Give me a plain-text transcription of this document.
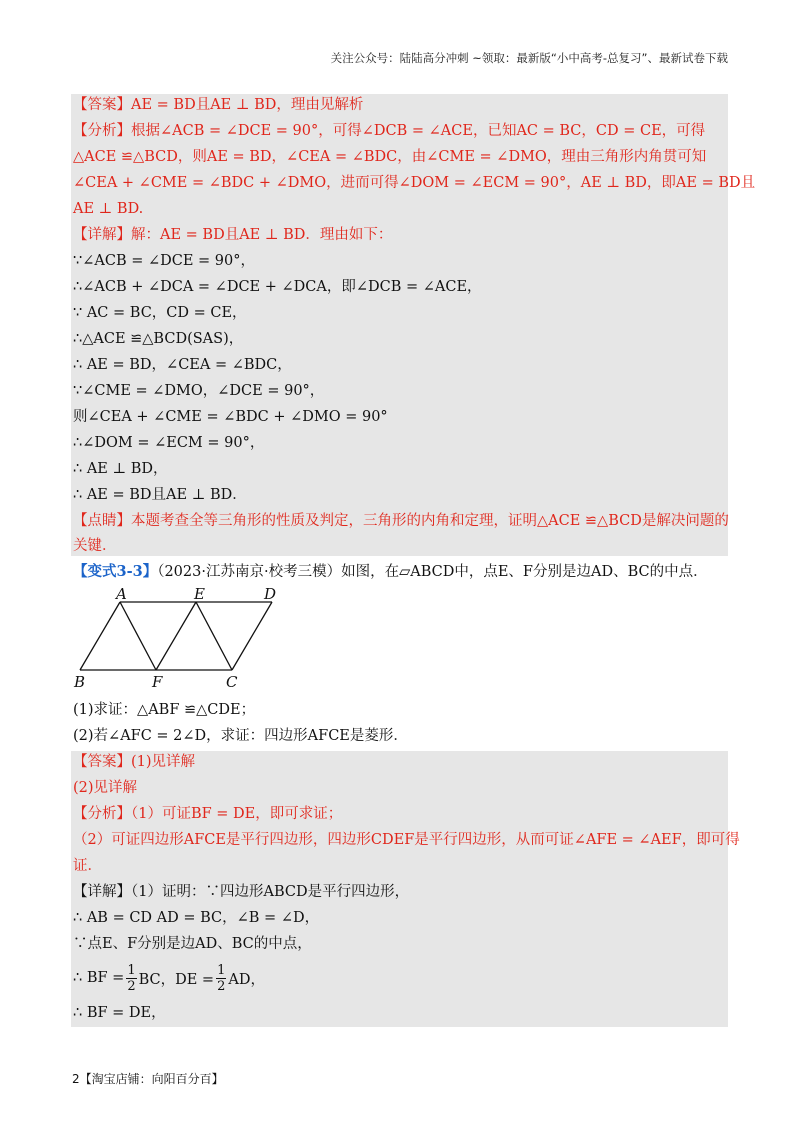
关注公众号：陆陆高分冲刺 ~领取：最新版“小中高考-总复习”、最新试卷下载
【答案】AE = BD且AE ⊥ BD，理由见解析
【分析】根据∠ACB = ∠DCE = 90°，可得∠DCB = ∠ACE，已知AC = BC，CD = CE，可得
△ACE ≌△BCD，则AE = BD，∠CEA = ∠BDC，由∠CME = ∠DMO，理由三角形内角贯可知
∠CEA + ∠CME = ∠BDC + ∠DMO，进而可得∠DOM = ∠ECM = 90°，AE ⊥ BD，即AE = BD且
AE ⊥ BD.
【详解】解：AE = BD且AE ⊥ BD．理由如下：
∵∠ACB = ∠DCE = 90°，
∴∠ACB + ∠DCA = ∠DCE + ∠DCA，即∠DCB = ∠ACE，
∵ AC = BC，CD = CE，
∴△ACE ≌△BCD(SAS)，
∴ AE = BD，∠CEA = ∠BDC，
∵∠CME = ∠DMO，∠DCE = 90°，
则∠CEA + ∠CME = ∠BDC + ∠DMO = 90°
∴∠DOM = ∠ECM = 90°，
∴ AE ⊥ BD，
∴ AE = BD且AE ⊥ BD．
【点睛】本题考查全等三角形的性质及判定，三角形的内角和定理，证明△ACE ≌△BCD是解决问题的
关键．
【变式3-3】（2023·江苏南京·校考三模）如图，在▱ABCD中，点E、F分别是边AD、BC的中点．
A	E	D
B	F	C
(1)求证：△ABF ≌△CDE；
(2)若∠AFC = 2∠D，求证：四边形AFCE是菱形．
【答案】(1)见详解
(2)见详解
【分析】（1）可证BF = DE，即可求证；
（2）可证四边形AFCE是平行四边形，四边形CDEF是平行四边形，从而可证∠AFE = ∠AEF，即可得
证．
【详解】（1）证明：∵四边形ABCD是平行四边形，
∴ AB = CD AD = BC，∠B = ∠D，
∵点E、F分别是边AD、BC的中点，
∴ BF = $\frac{1}{2}$ BC，DE = $\frac{1}{2}$ AD，
∴ BF = DE，
2【淘宝店铺：向阳百分百】
